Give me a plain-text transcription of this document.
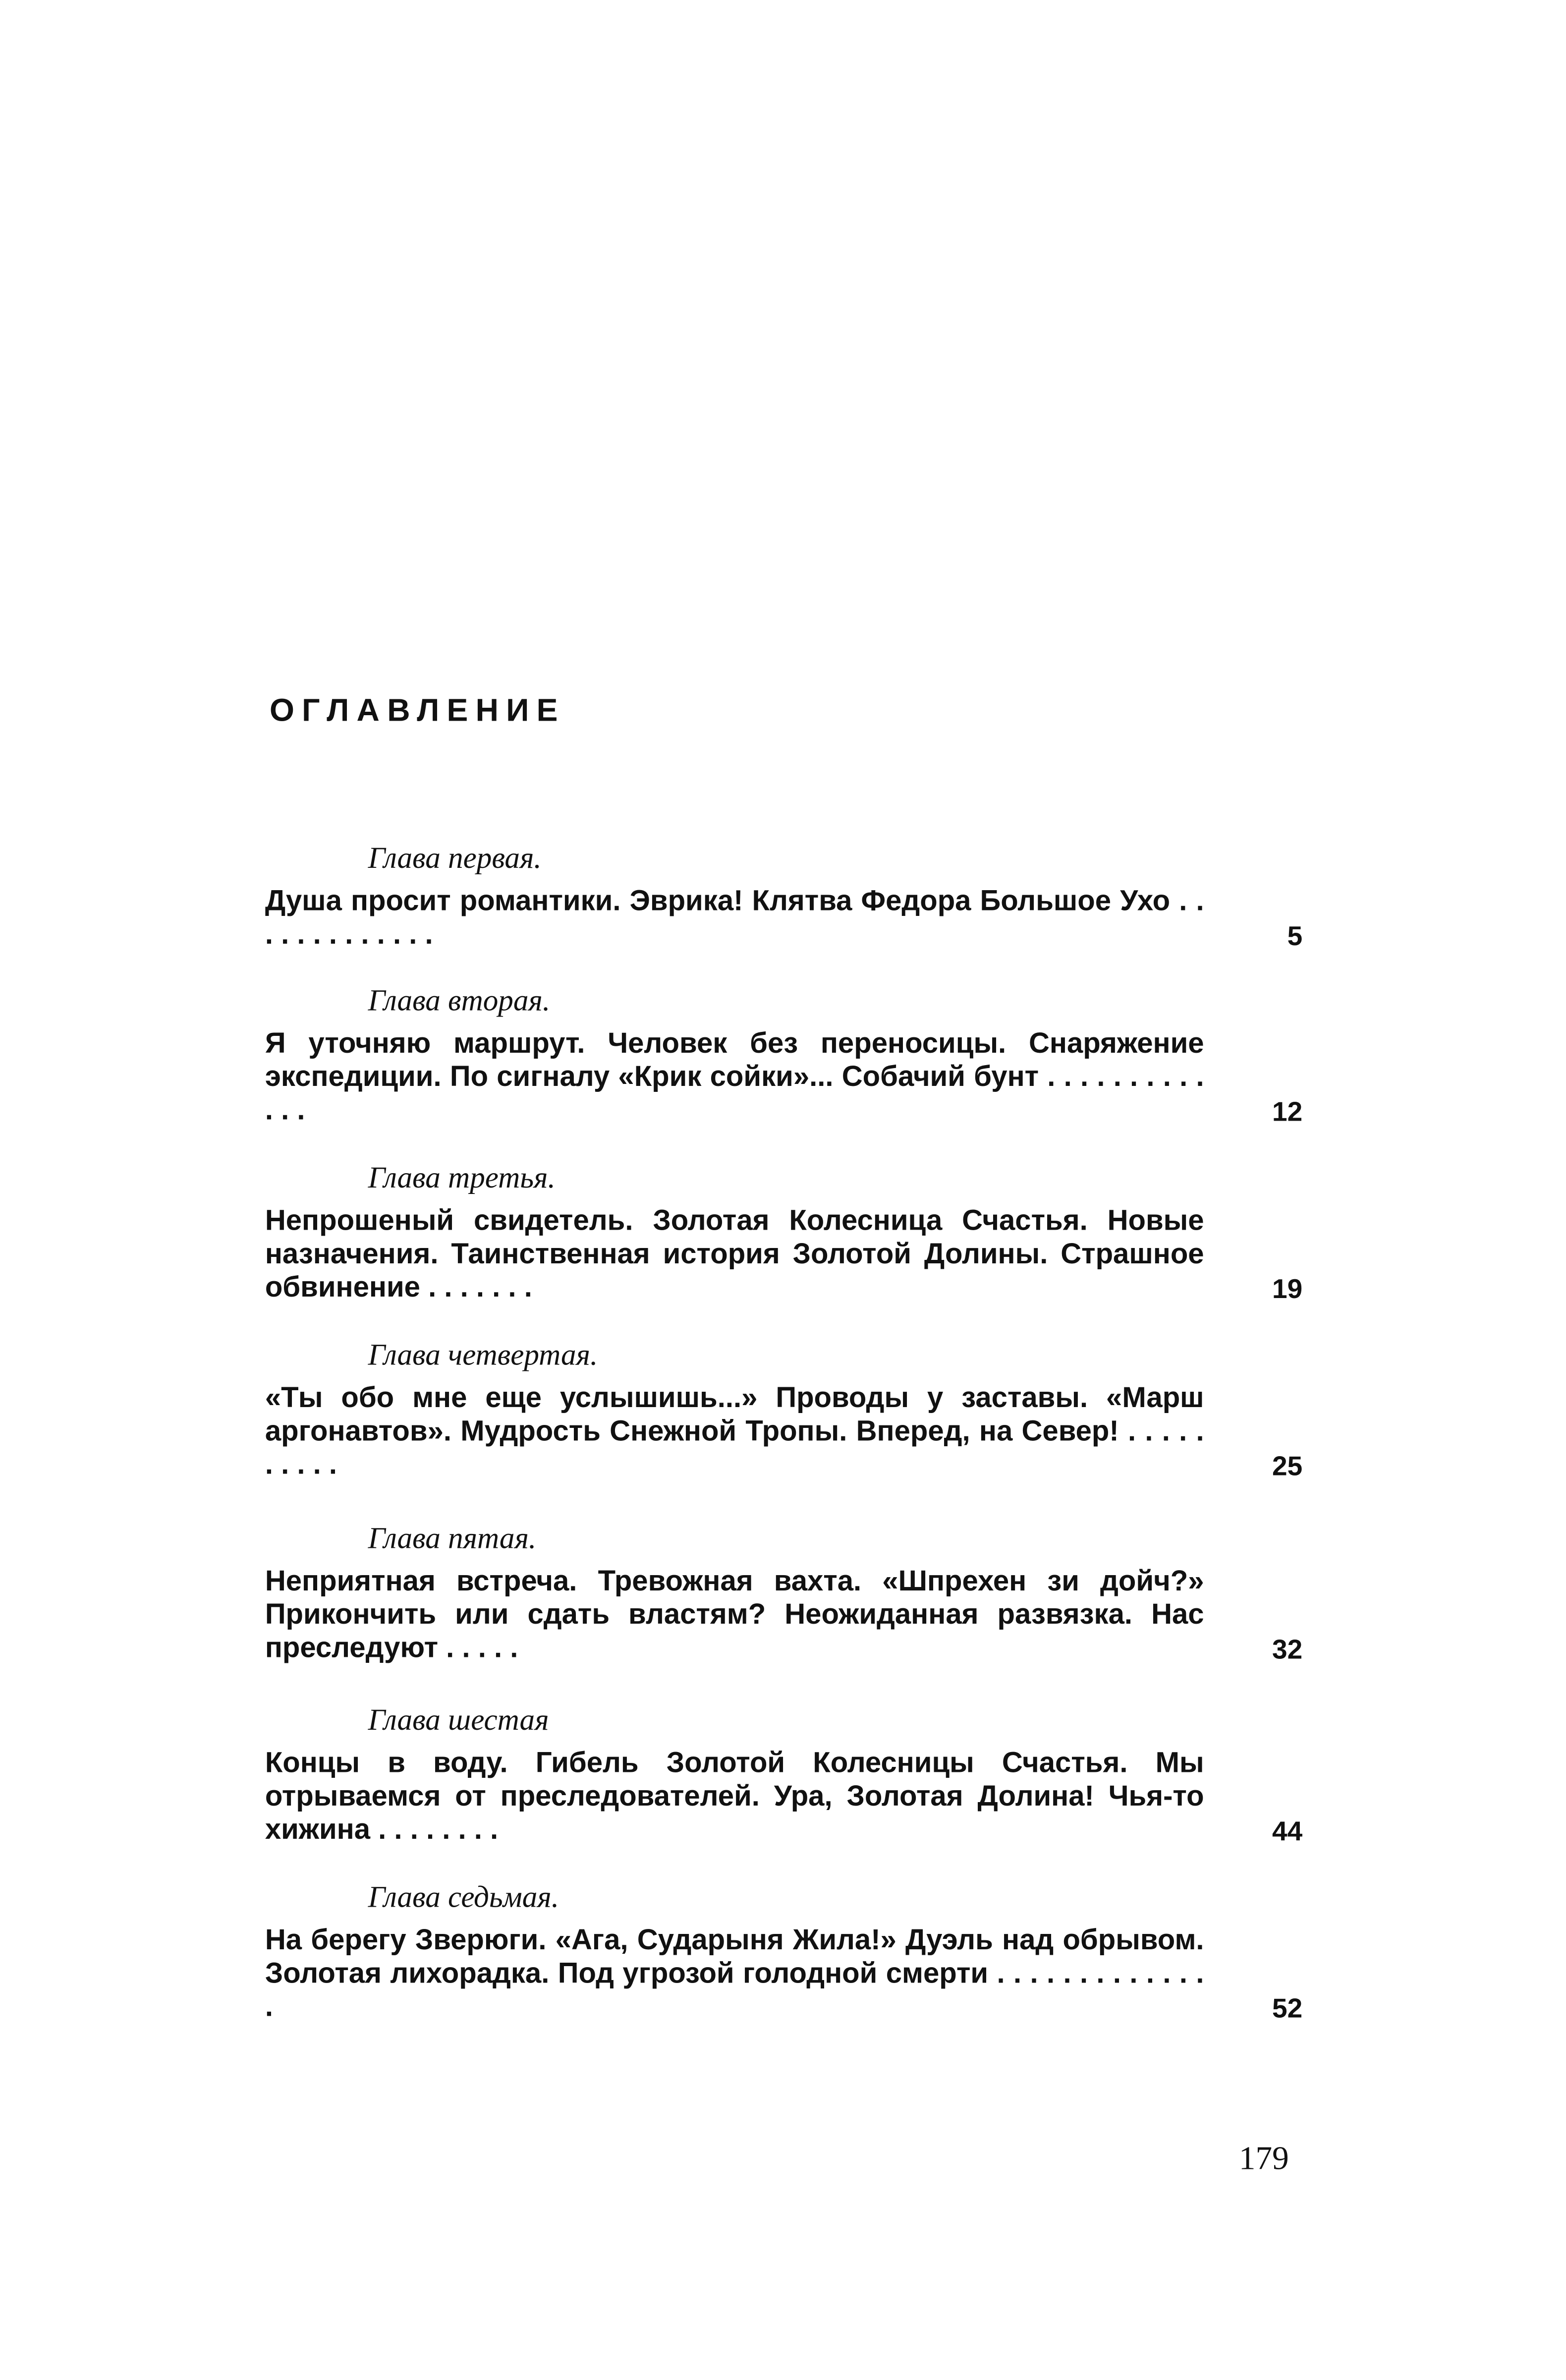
ОГЛАВЛЕНИЕ
Глава первая.
Душа просит романтики. Эврика! Клятва Федора Большое Ухо . . . . . . . . . . . . .	5
Глава вторая.
Я уточняю маршрут. Человек без переносицы. Снаряжение экспедиции. По сигналу «Крик сойки»... Собачий бунт . . . . . . . . . . . . .	12
Глава третья.
Непрошеный свидетель. Золотая Колесница Счастья. Новые назначения. Таинственная история Золотой Долины. Страшное обвинение . . . . . . .	19
Глава четвертая.
«Ты обо мне еще услышишь...» Проводы у заставы. «Марш аргонавтов». Мудрость Снежной Тропы. Вперед, на Север! . . . . . . . . . .	25
Глава пятая.
Неприятная встреча. Тревожная вахта. «Шпрехен зи дойч?» Прикончить или сдать властям? Неожиданная развязка. Нас преследуют . . . . .	32
Глава шестая
Концы в воду. Гибель Золотой Колесницы Счастья. Мы отрываемся от преследователей. Ура, Золотая Долина! Чья-то хижина . . . . . . . .	44
Глава седьмая.
На берегу Зверюги. «Ага, Сударыня Жила!» Дуэль над обрывом. Золотая лихорадка. Под угрозой голодной смерти . . . . . . . . . . . . . .	52
179
